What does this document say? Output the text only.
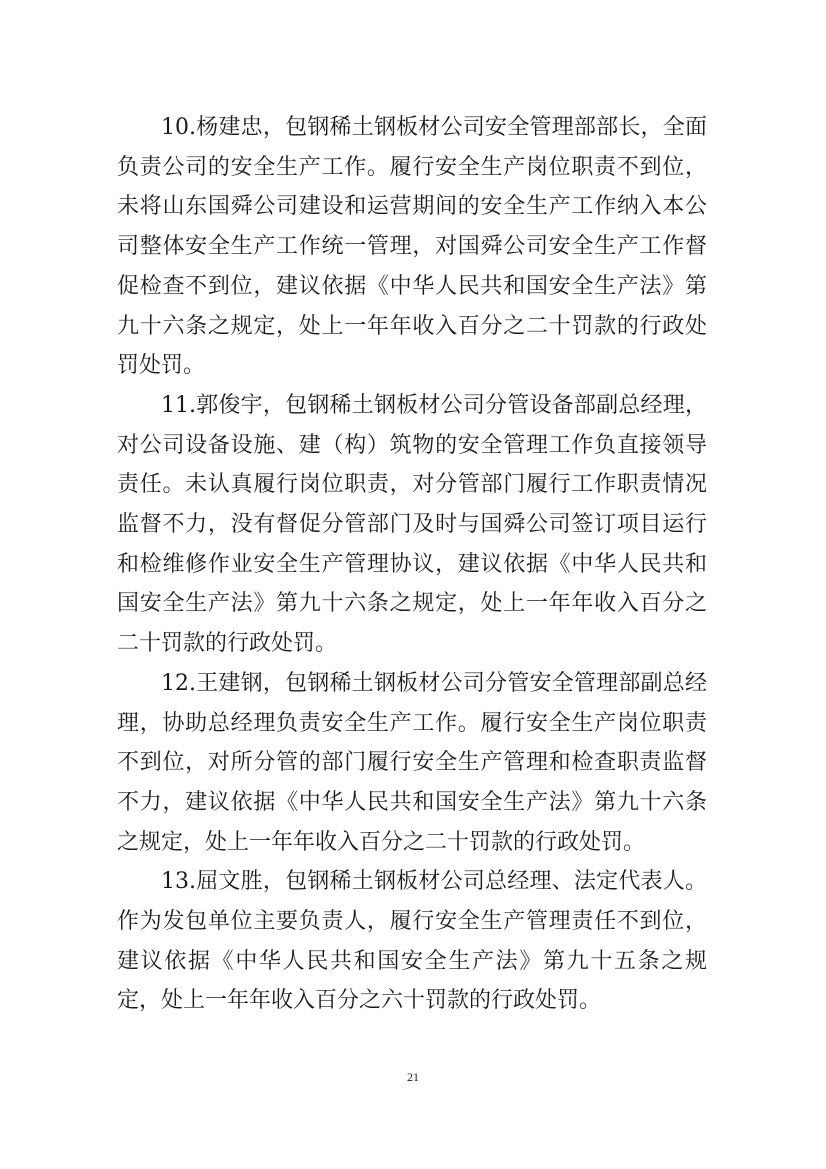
10.杨建忠，包钢稀土钢板材公司安全管理部部长，全面负责公司的安全生产工作。履行安全生产岗位职责不到位，未将山东国舜公司建设和运营期间的安全生产工作纳入本公司整体安全生产工作统一管理，对国舜公司安全生产工作督促检查不到位，建议依据《中华人民共和国安全生产法》第九十六条之规定，处上一年年收入百分之二十罚款的行政处罚处罚。

11.郭俊宇，包钢稀土钢板材公司分管设备部副总经理，对公司设备设施、建（构）筑物的安全管理工作负直接领导责任。未认真履行岗位职责，对分管部门履行工作职责情况监督不力，没有督促分管部门及时与国舜公司签订项目运行和检维修作业安全生产管理协议，建议依据《中华人民共和国安全生产法》第九十六条之规定，处上一年年收入百分之二十罚款的行政处罚。

12.王建钢，包钢稀土钢板材公司分管安全管理部副总经理，协助总经理负责安全生产工作。履行安全生产岗位职责不到位，对所分管的部门履行安全生产管理和检查职责监督不力，建议依据《中华人民共和国安全生产法》第九十六条之规定，处上一年年收入百分之二十罚款的行政处罚。

13.屈文胜，包钢稀土钢板材公司总经理、法定代表人。作为发包单位主要负责人，履行安全生产管理责任不到位，建议依据《中华人民共和国安全生产法》第九十五条之规定，处上一年年收入百分之六十罚款的行政处罚。

21
